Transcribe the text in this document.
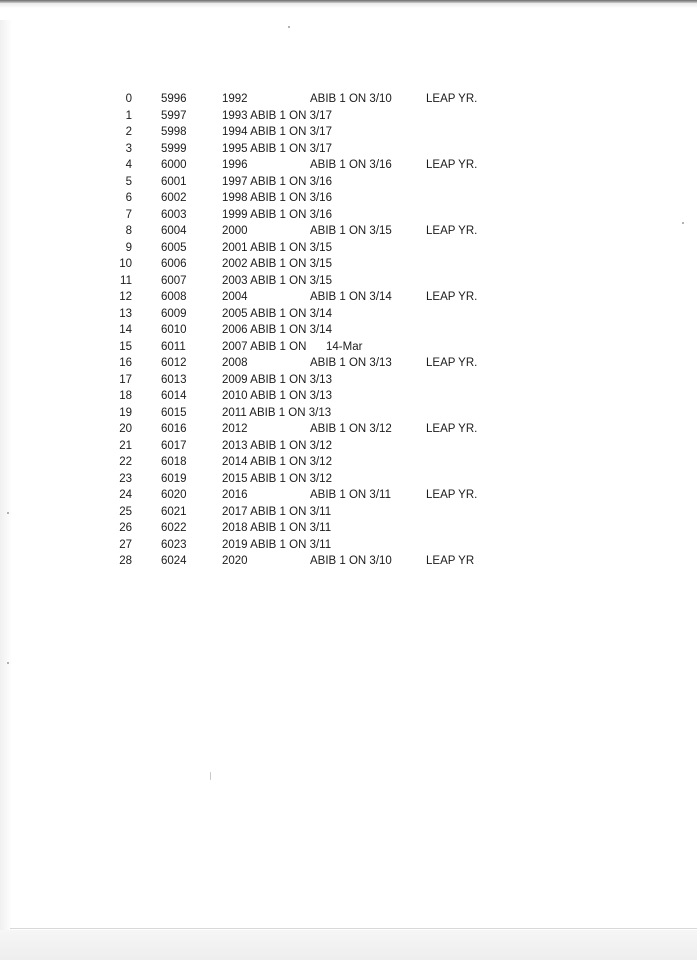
0	5996	1992	ABIB 1 ON 3/10	LEAP YR.
1	5997	1993 ABIB 1 ON 3/17
2	5998	1994 ABIB 1 ON 3/17
3	5999	1995 ABIB 1 ON 3/17
4	6000	1996	ABIB 1 ON 3/16	LEAP YR.
5	6001	1997 ABIB 1 ON 3/16
6	6002	1998 ABIB 1 ON 3/16
7	6003	1999 ABIB 1 ON 3/16
8	6004	2000	ABIB 1 ON 3/15	LEAP YR.
9	6005	2001 ABIB 1 ON 3/15
10	6006	2002 ABIB 1 ON 3/15
11	6007	2003 ABIB 1 ON 3/15
12	6008	2004	ABIB 1 ON 3/14	LEAP YR.
13	6009	2005 ABIB 1 ON 3/14
14	6010	2006 ABIB 1 ON 3/14
15	6011	2007 ABIB 1 ON 14-Mar
16	6012	2008	ABIB 1 ON 3/13	LEAP YR.
17	6013	2009 ABIB 1 ON 3/13
18	6014	2010 ABIB 1 ON 3/13
19	6015	2011 ABIB 1 ON 3/13
20	6016	2012	ABIB 1 ON 3/12	LEAP YR.
21	6017	2013 ABIB 1 ON 3/12
22	6018	2014 ABIB 1 ON 3/12
23	6019	2015 ABIB 1 ON 3/12
24	6020	2016	ABIB 1 ON 3/11	LEAP YR.
25	6021	2017 ABIB 1 ON 3/11
26	6022	2018 ABIB 1 ON 3/11
27	6023	2019 ABIB 1 ON 3/11
28	6024	2020	ABIB 1 ON 3/10	LEAP YR
